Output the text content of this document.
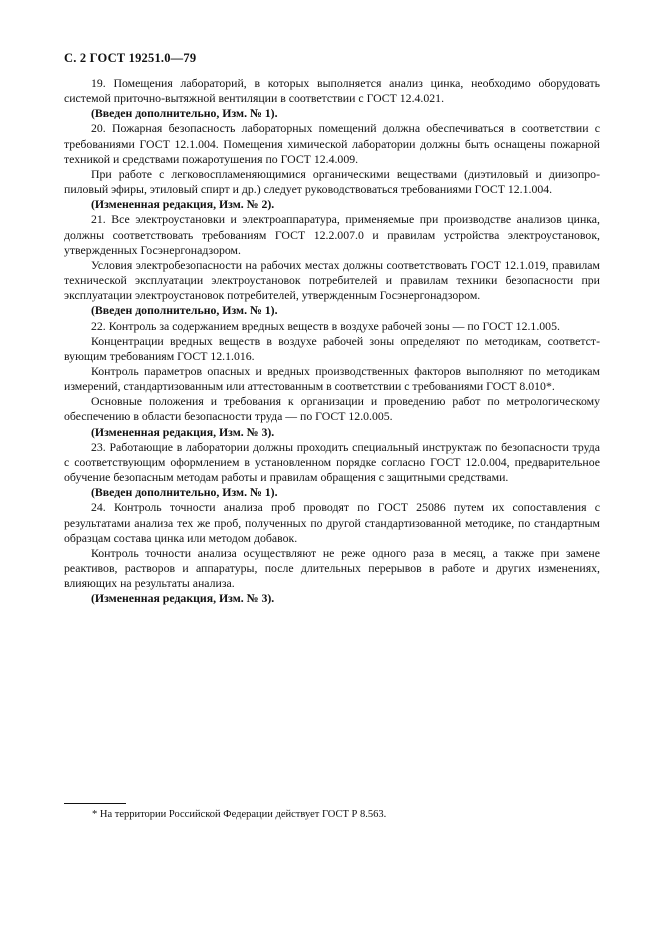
С. 2 ГОСТ 19251.0—79

19. Помещения лабораторий, в которых выполняется анализ цинка, необходимо оборудовать системой приточно-вытяжной вентиляции в соответствии с ГОСТ 12.4.021.

(Введен дополнительно, Изм. № 1).

20. Пожарная безопасность лабораторных помещений должна обеспечиваться в соответствии с требованиями ГОСТ 12.1.004. Помещения химической лаборатории должны быть оснащены пожарной техникой и средствами пожаротушения по ГОСТ 12.4.009.

При работе с легковоспламеняющимися органическими веществами (диэтиловый и диизопропиловый эфиры, этиловый спирт и др.) следует руководствоваться требованиями ГОСТ 12.1.004.

(Измененная редакция, Изм. № 2).

21. Все электроустановки и электроаппаратура, применяемые при производстве анализов цинка, должны соответствовать требованиям ГОСТ 12.2.007.0 и правилам устройства электроустановок, утвержденных Госэнергонадзором.

Условия электробезопасности на рабочих местах должны соответствовать ГОСТ 12.1.019, правилам технической эксплуатации электроустановок потребителей и правилам техники безопасности при эксплуатации электроустановок потребителей, утвержденным Госэнергонадзором.

(Введен дополнительно, Изм. № 1).

22. Контроль за содержанием вредных веществ в воздухе рабочей зоны — по ГОСТ 12.1.005.

Концентрации вредных веществ в воздухе рабочей зоны определяют по методикам, соответствующим требованиям ГОСТ 12.1.016.

Контроль параметров опасных и вредных производственных факторов выполняют по методикам измерений, стандартизованным или аттестованным в соответствии с требованиями ГОСТ 8.010*.

Основные положения и требования к организации и проведению работ по метрологическому обеспечению в области безопасности труда — по ГОСТ 12.0.005.

(Измененная редакция, Изм. № 3).

23. Работающие в лаборатории должны проходить специальный инструктаж по безопасности труда с соответствующим оформлением в установленном порядке согласно ГОСТ 12.0.004, предварительное обучение безопасным методам работы и правилам обращения с защитными средствами.

(Введен дополнительно, Изм. № 1).

24. Контроль точности анализа проб проводят по ГОСТ 25086 путем их сопоставления с результатами анализа тех же проб, полученных по другой стандартизованной методике, по стандартным образцам состава цинка или методом добавок.

Контроль точности анализа осуществляют не реже одного раза в месяц, а также при замене реактивов, растворов и аппаратуры, после длительных перерывов в работе и других изменениях, влияющих на результаты анализа.

(Измененная редакция, Изм. № 3).

* На территории Российской Федерации действует ГОСТ Р 8.563.
